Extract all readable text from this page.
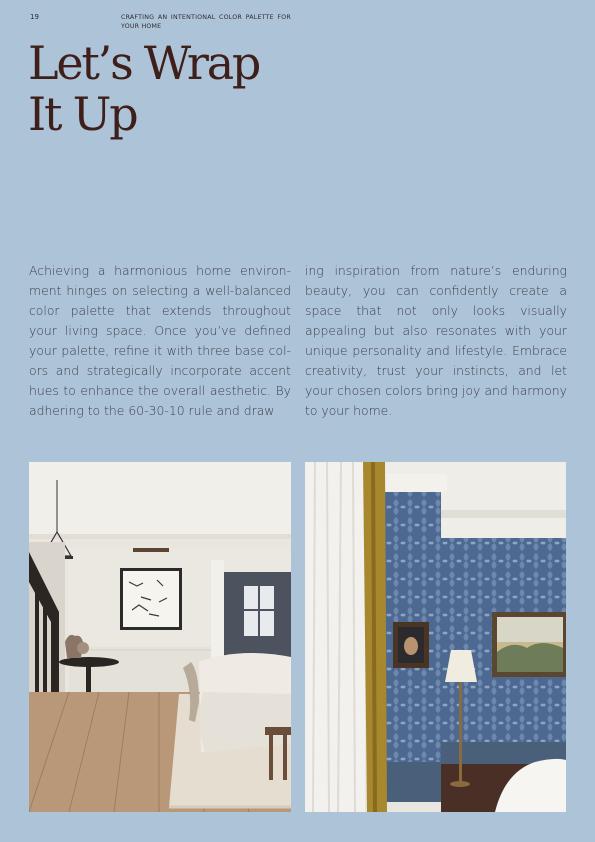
19	CRAFTING AN INTENTIONAL COLOR PALETTE FOR YOUR HOME
Let’s Wrap
It Up

Achieving a harmonious home environment hinges on selecting a well-balanced color palette that extends throughout your living space. Once you’ve defined your palette, refine it with three base colors and strategically incorporate accent hues to enhance the overall aesthetic. By adhering to the 60-30-10 rule and draw

ing inspiration from nature’s enduring beauty, you can confidently create a space that not only looks visually appealing but also resonates with your unique personality and lifestyle. Embrace creativity, trust your instincts, and let your chosen colors bring joy and harmony to your home.
